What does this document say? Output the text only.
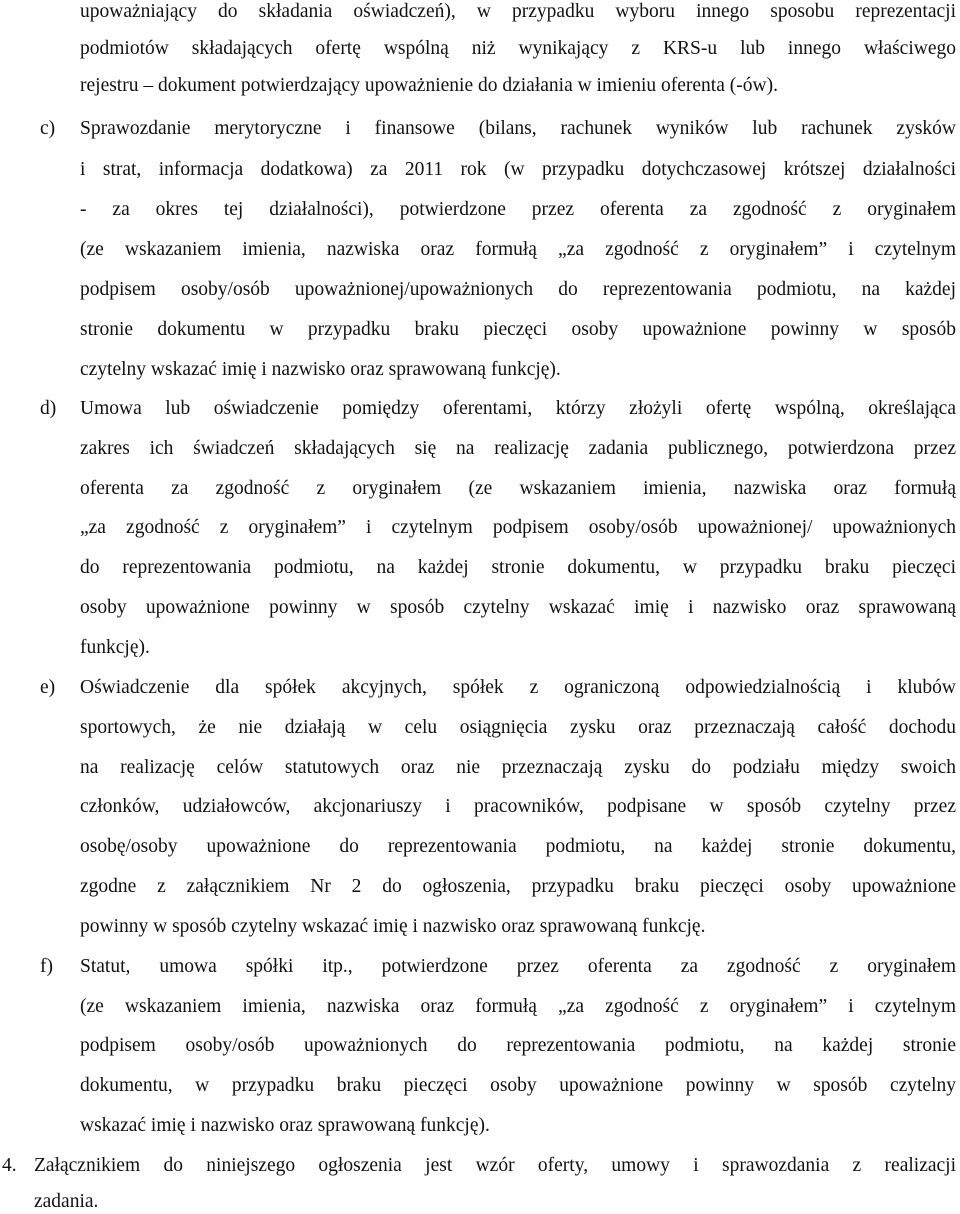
upoważniający do składania oświadczeń), w przypadku wyboru innego sposobu reprezentacji
podmiotów składających ofertę wspólną niż wynikający z KRS-u lub innego właściwego
rejestru – dokument potwierdzający upoważnienie do działania w imieniu oferenta (-ów).
c) Sprawozdanie merytoryczne i finansowe (bilans, rachunek wyników lub rachunek zysków
i strat, informacja dodatkowa) za 2011 rok (w przypadku dotychczasowej krótszej działalności
- za okres tej działalności), potwierdzone przez oferenta za zgodność z oryginałem
(ze wskazaniem imienia, nazwiska oraz formułą „za zgodność z oryginałem” i czytelnym
podpisem osoby/osób upoważnionej/upoważnionych do reprezentowania podmiotu, na każdej
stronie dokumentu w przypadku braku pieczęci osoby upoważnione powinny w sposób
czytelny wskazać imię i nazwisko oraz sprawowaną funkcję).
d) Umowa lub oświadczenie pomiędzy oferentami, którzy złożyli ofertę wspólną, określająca
zakres ich świadczeń składających się na realizację zadania publicznego, potwierdzona przez
oferenta za zgodność z oryginałem (ze wskazaniem imienia, nazwiska oraz formułą
„za zgodność z oryginałem” i czytelnym podpisem osoby/osób upoważnionej/ upoważnionych
do reprezentowania podmiotu, na każdej stronie dokumentu, w przypadku braku pieczęci
osoby upoważnione powinny w sposób czytelny wskazać imię i nazwisko oraz sprawowaną
funkcję).
e) Oświadczenie dla spółek akcyjnych, spółek z ograniczoną odpowiedzialnością i klubów
sportowych, że nie działają w celu osiągnięcia zysku oraz przeznaczają całość dochodu
na realizację celów statutowych oraz nie przeznaczają zysku do podziału między swoich
członków, udziałowców, akcjonariuszy i pracowników, podpisane w sposób czytelny przez
osobę/osoby upoważnione do reprezentowania podmiotu, na każdej stronie dokumentu,
zgodne z załącznikiem Nr 2 do ogłoszenia, przypadku braku pieczęci osoby upoważnione
powinny w sposób czytelny wskazać imię i nazwisko oraz sprawowaną funkcję.
f) Statut, umowa spółki itp., potwierdzone przez oferenta za zgodność z oryginałem
(ze wskazaniem imienia, nazwiska oraz formułą „za zgodność z oryginałem” i czytelnym
podpisem osoby/osób upoważnionych do reprezentowania podmiotu, na każdej stronie
dokumentu, w przypadku braku pieczęci osoby upoważnione powinny w sposób czytelny
wskazać imię i nazwisko oraz sprawowaną funkcję).
4. Załącznikiem do niniejszego ogłoszenia jest wzór oferty, umowy i sprawozdania z realizacji
zadania.
